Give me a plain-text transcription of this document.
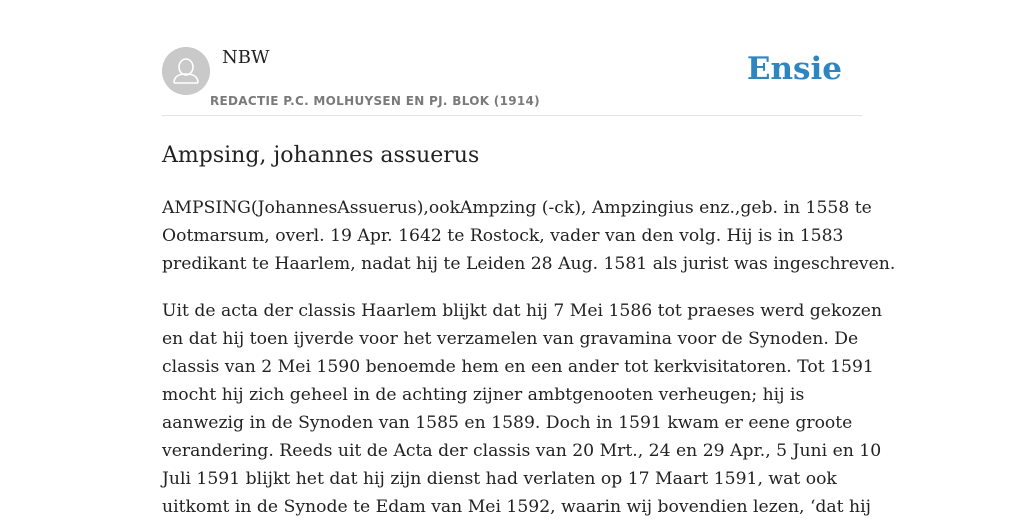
NBW
REDACTIE P.C. MOLHUYSEN EN PJ. BLOK (1914)
Ensie
Ampsing, johannes assuerus

AMPSING(JohannesAssuerus),ookAmpzing (-ck), Ampzingius enz.,geb. in 1558 te
Ootmarsum, overl. 19 Apr. 1642 te Rostock, vader van den volg. Hij is in 1583
predikant te Haarlem, nadat hij te Leiden 28 Aug. 1581 als jurist was ingeschreven.

Uit de acta der classis Haarlem blijkt dat hij 7 Mei 1586 tot praeses werd gekozen
en dat hij toen ijverde voor het verzamelen van gravamina voor de Synoden. De
classis van 2 Mei 1590 benoemde hem en een ander tot kerkvisitatoren. Tot 1591
mocht hij zich geheel in de achting zijner ambtgenooten verheugen; hij is
aanwezig in de Synoden van 1585 en 1589. Doch in 1591 kwam er eene groote
verandering. Reeds uit de Acta der classis van 20 Mrt., 24 en 29 Apr., 5 Juni en 10
Juli 1591 blijkt het dat hij zijn dienst had verlaten op 17 Maart 1591, wat ook
uitkomt in de Synode te Edam van Mei 1592, waarin wij bovendien lezen, ‘dat hij
